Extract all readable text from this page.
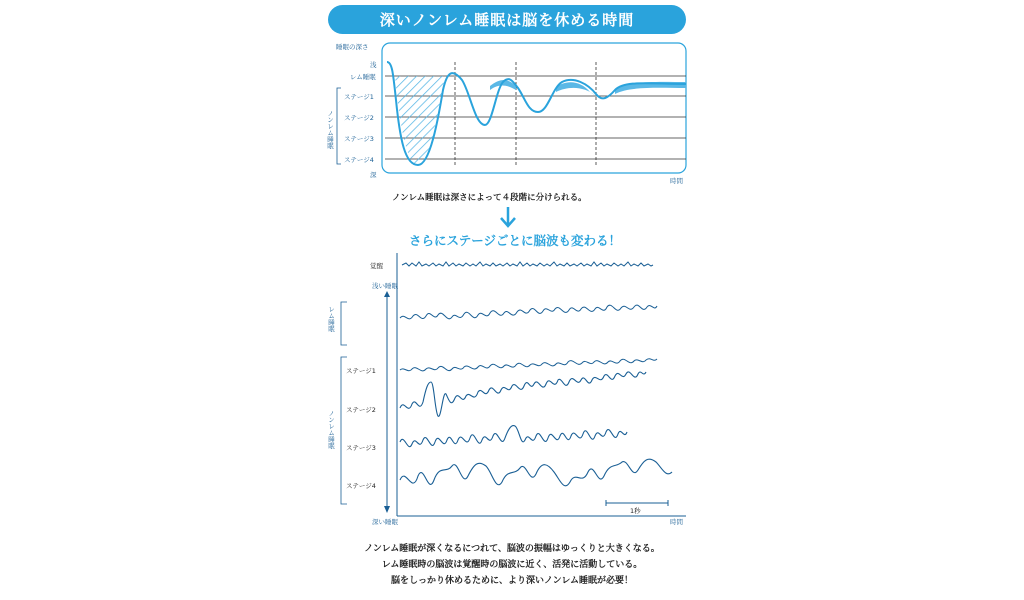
深いノンレム睡眠は脳を休める時間
睡眠の深さ
浅
レム睡眠
ステージ1
ステージ2
ステージ3
ステージ4
深
ノンレム睡眠
時間
ノンレム睡眠は深さによって４段階に分けられる。
さらにステージごとに脳波も変わる！
覚醒
浅い睡眠
レム睡眠
ステージ1
ステージ2
ステージ3
ステージ4
ノンレム睡眠
深い睡眠	時間
1秒
ノンレム睡眠が深くなるにつれて、脳波の振幅はゆっくりと大きくなる。
レム睡眠時の脳波は覚醒時の脳波に近く、活発に活動している。
脳をしっかり休めるために、より深いノンレム睡眠が必要！
